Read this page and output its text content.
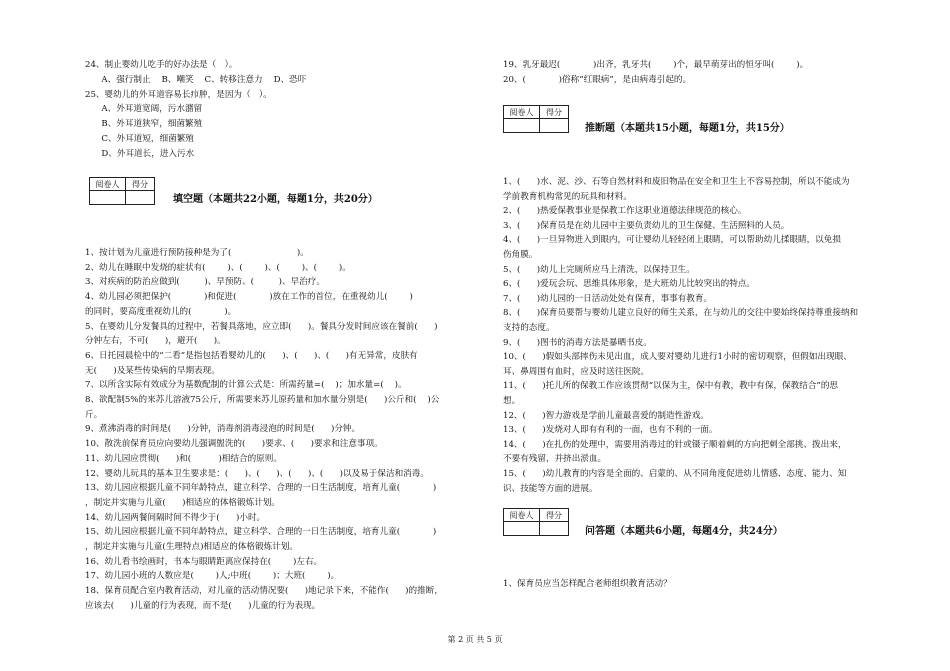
24、制止婴幼儿吃手的好办法是（   ）。
A、强行制止    B、嘲笑    C、转移注意力    D、恐吓
25、婴幼儿的外耳道容易长疖肿，是因为（   ）。
A、外耳道宽阔，污水潴留
B、外耳道狭窄，细菌繁殖
C、外耳道短，细菌繁殖
D、外耳道长，进入污水
阅卷人	得分
填空题（本题共22小题，每题1分，共20分）
1、按计划为儿童进行预防接种是为了(                        )。
2、幼儿在睡眠中发烧的症状有(        )、(        )、(        )、(        )。
3、对疾病的防治应做到(         )、早预防、(         )、早治疗。
4、幼儿园必须把保护(            )和促进(            )放在工作的首位，在重视幼儿(        )
的同时，要高度重视幼儿的(            )。
5、在婴幼儿分发餐具的过程中，若餐具落地，应立即(      )。餐具分发时间应该在餐前(      )
分钟左右，不可(      )，避开(      )。
6、日托园晨检中的“二看”是指包括看婴幼儿的(      )、(      )、(      )有无异常，皮肤有
无(      )及某些传染病的早期表现。
7、以所含实际有效成分为基数配制的计算公式是：所需药量=(    )；加水量=(    )。
8、欲配制5%的来苏儿溶液75公斤，所需要来苏儿原药量和加水量分别是(      )公斤和(    )公
斤。
9、煮沸消毒的时间是(      )分钟，消毒剂消毒浸泡的时间是(      )分钟。
10、散洗前保育员应向要幼儿强调盥洗的(      )要求、(      )要求和注意事项。
11、幼儿园应贯彻(      )和(          )相结合的原则。
12、婴幼儿玩具的基本卫生要求是：(      )、(      )、(      )、(      )以及易于保洁和消毒。
13、幼儿园应根据儿童不同年龄特点，建立科学、合理的一日生活制度，培育儿童(            )
，制定并实施与儿童(      )相适应的体格锻炼计划。
14、幼儿园两餐间隔时间不得少于(      )小时。
15、幼儿园应根据儿童不同年龄特点，建立科学、合理的一日生活制度，培育儿童(            )
，制定并实施与儿童(生理特点)相适应的体格锻炼计划。
16、幼儿看书绘画时，书本与眼睛距离应保持在(        )左右。
17、幼儿园小班的人数应是(        )人;中班(        )；大班(        )。
18、保育员配合室内教育活动，对儿童的活动情况要(      )地记录下来，不能作(      )的推断，
应该去(      )儿童的行为表现，而不是(      )儿童的行为表现。
19、乳牙最迟(            )出齐，乳牙共(        )个，最早萌芽出的恒牙叫(        )。
20、(            )俗称“红眼病”，是由病毒引起的。
阅卷人	得分
推断题（本题共15小题，每题1分，共15分）
1、(      )水、泥、沙、石等自然材料和废旧物品在安全和卫生上不容易控制，所以不能成为
学前教育机构常见的玩具和材料。
2、(      )热爱保教事业是保教工作这职业道德法律规范的核心。
3、(      )保育员是在幼儿园中主要负责幼儿的卫生保健、生活照料的人员。
4、(      )一旦异物进入到眼内，可让婴幼儿轻轻闭上眼睛，可以帮助幼儿揉眼睛，以免损
伤角膜。
5、(      )幼儿上完厕所应马上清洗，以保持卫生。
6、(      )爱玩会玩、思维具体形象，是大班幼儿比较突出的特点。
7、(      )幼儿园的一日活动处处有保育，事事有教育。
8、(      )保育员要帮与婴幼儿建立良好的师生关系，在与幼儿的交往中要始终保持尊重接纳和
支持的态度。
9、(      )图书的消毒方法是暴晒书皮。
10、(      )假如头部摔伤未见出血，成人要对婴幼儿进行1小时的密切观察，但假如出现眼、
耳、鼻周围有血时，应及时送往医院。
11、(      )托儿所的保教工作应该贯彻“以保为主，保中有教，教中有保，保教结合”的思
想。
12、(      )智力游戏是学前儿童最喜爱的制造性游戏。
13、(      )发烧对人即有有利的一面，也有不利的一面。
14、(      )在扎伤的处理中，需要用消毒过的针或镊子顺着刺的方向把刺全部挑、拨出来，
不要有残留，并挤出淤血。
15、(      )幼儿教育的内容是全面的、启蒙的、从不同角度促进幼儿情感、态度、能力、知
识、技能等方面的进展。
阅卷人	得分
问答题（本题共6小题，每题4分，共24分）
1、保育员应当怎样配合老师组织教育活动？
第 2 页 共 5 页
